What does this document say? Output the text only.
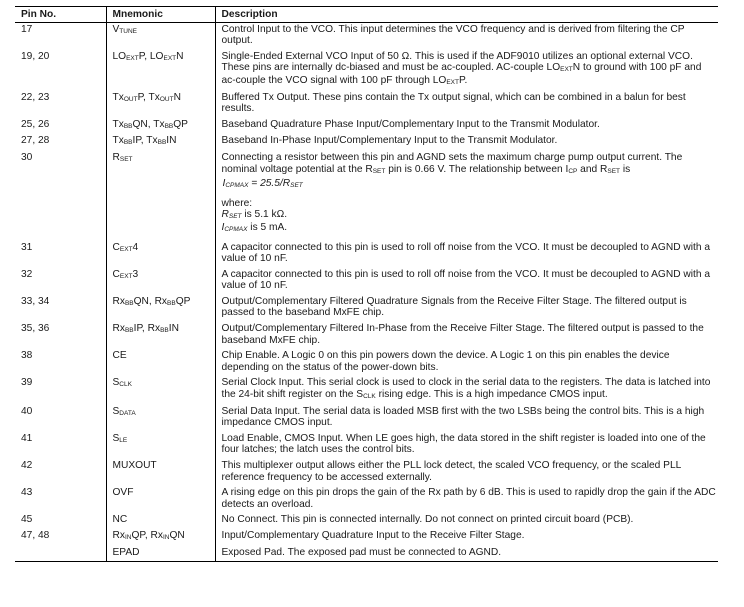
Pin No.	Mnemonic	Description
17	$V_{TUNE}$	Control Input to the VCO. This input determines the VCO frequency and is derived from filtering the CP output.
19, 20	$LO_{EXT}P$, $LO_{EXT}N$	Single-Ended External VCO Input of 50 Ω. This is used if the ADF9010 utilizes an optional external VCO. These pins are internally dc-biased and must be ac-coupled. AC-couple $LO_{EXT}N$ to ground with 100 pF and ac-couple the VCO signal with 100 pF through $LO_{EXT}P$.
22, 23	$Tx_{OUT}P$, $Tx_{OUT}N$	Buffered Tx Output. These pins contain the Tx output signal, which can be combined in a balun for best results.
25, 26	$Tx_{BB}QN$, $Tx_{BB}QP$	Baseband Quadrature Phase Input/Complementary Input to the Transmit Modulator.
27, 28	$Tx_{BB}IP$, $Tx_{BB}IN$	Baseband In-Phase Input/Complementary Input to the Transmit Modulator.
30	$R_{SET}$	Connecting a resistor between this pin and AGND sets the maximum charge pump output current. The nominal voltage potential at the $R_{SET}$ pin is 0.66 V. The relationship between $I_{CP}$ and $R_{SET}$ is
$I_{CPMAX} = 25.5/R_{SET}$
where:
$R_{SET}$ is 5.1 kΩ.
$I_{CPMAX}$ is 5 mA.

31	$C_{EXT}4$	A capacitor connected to this pin is used to roll off noise from the VCO. It must be decoupled to AGND with a value of 10 nF.
32	$C_{EXT}3$	A capacitor connected to this pin is used to roll off noise from the VCO. It must be decoupled to AGND with a value of 10 nF.
33, 34	$Rx_{BB}QN$, $Rx_{BB}QP$	Output/Complementary Filtered Quadrature Signals from the Receive Filter Stage. The filtered output is passed to the baseband MxFE chip.
35, 36	$Rx_{BB}IP$, $Rx_{BB}IN$	Output/Complementary Filtered In-Phase from the Receive Filter Stage. The filtered output is passed to the baseband MxFE chip.
38	CE	Chip Enable. A Logic 0 on this pin powers down the device. A Logic 1 on this pin enables the device depending on the status of the power-down bits.
39	$S_{CLK}$	Serial Clock Input. This serial clock is used to clock in the serial data to the registers. The data is latched into the 24-bit shift register on the $S_{CLK}$ rising edge. This is a high impedance CMOS input.
40	$S_{DATA}$	Serial Data Input. The serial data is loaded MSB first with the two LSBs being the control bits. This is a high impedance CMOS input.
41	$S_{LE}$	Load Enable, CMOS Input. When LE goes high, the data stored in the shift register is loaded into one of the four latches; the latch uses the control bits.
42	MUXOUT	This multiplexer output allows either the PLL lock detect, the scaled VCO frequency, or the scaled PLL reference frequency to be accessed externally.
43	OVF	A rising edge on this pin drops the gain of the Rx path by 6 dB. This is used to rapidly drop the gain if the ADC detects an overload.
45	NC	No Connect. This pin is connected internally. Do not connect on printed circuit board (PCB).
47, 48	$Rx_{IN}QP$, $Rx_{IN}QN$	Input/Complementary Quadrature Input to the Receive Filter Stage.
	EPAD	Exposed Pad. The exposed pad must be connected to AGND.
